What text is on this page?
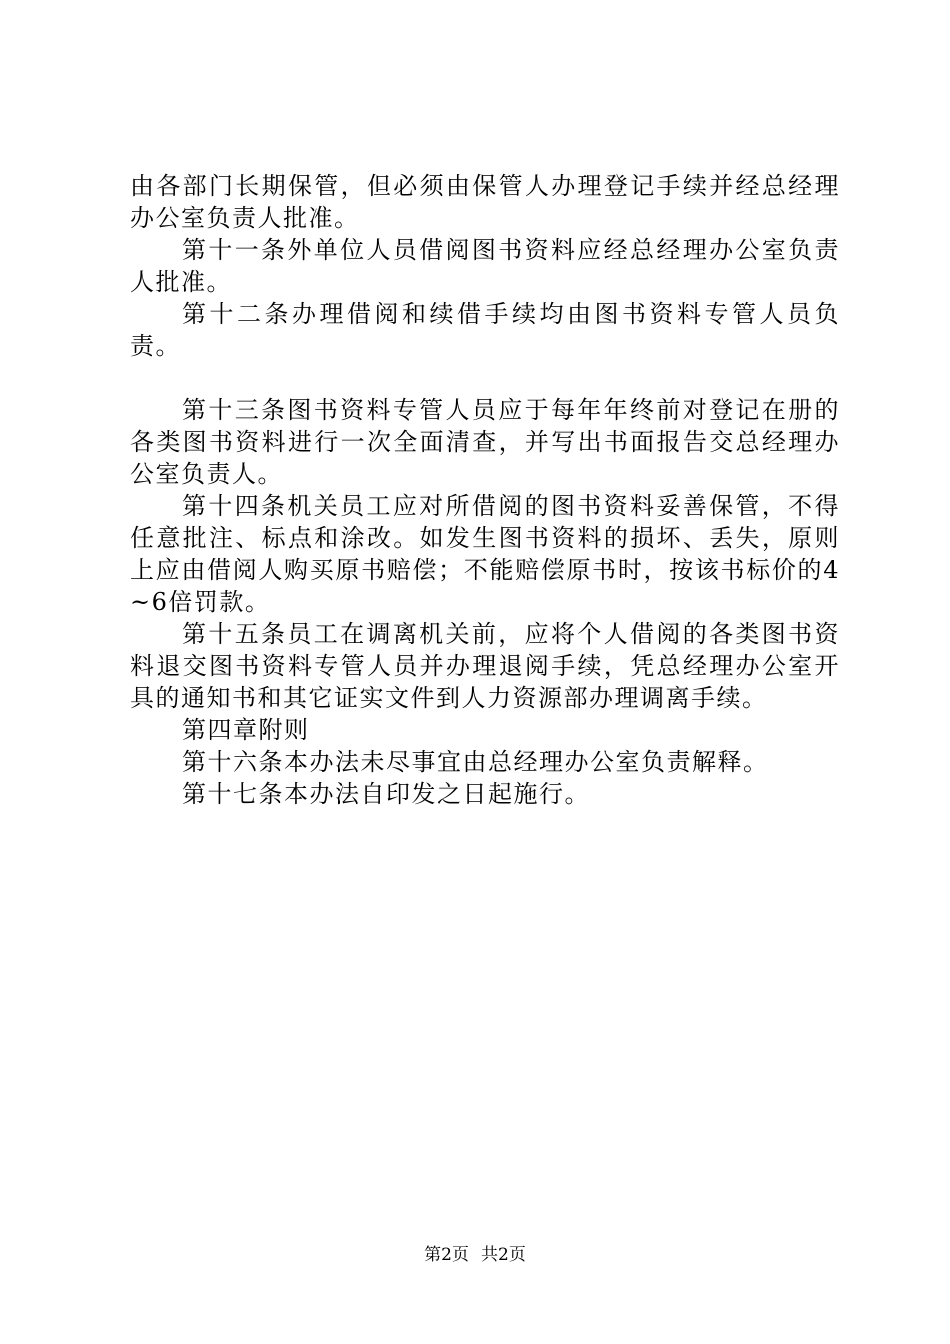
由各部门长期保管，但必须由保管人办理登记手续并经总经理办公室负责人批准。

第十一条外单位人员借阅图书资料应经总经理办公室负责人批准。

第十二条办理借阅和续借手续均由图书资料专管人员负责。

第十三条图书资料专管人员应于每年年终前对登记在册的各类图书资料进行一次全面清查，并写出书面报告交总经理办公室负责人。

第十四条机关员工应对所借阅的图书资料妥善保管，不得任意批注、标点和涂改。如发生图书资料的损坏、丢失，原则上应由借阅人购买原书赔偿；不能赔偿原书时，按该书标价的4~6倍罚款。

第十五条员工在调离机关前，应将个人借阅的各类图书资料退交图书资料专管人员并办理退阅手续，凭总经理办公室开具的通知书和其它证实文件到人力资源部办理调离手续。

第四章附则

第十六条本办法未尽事宜由总经理办公室负责解释。

第十七条本办法自印发之日起施行。

第2页 共2页
